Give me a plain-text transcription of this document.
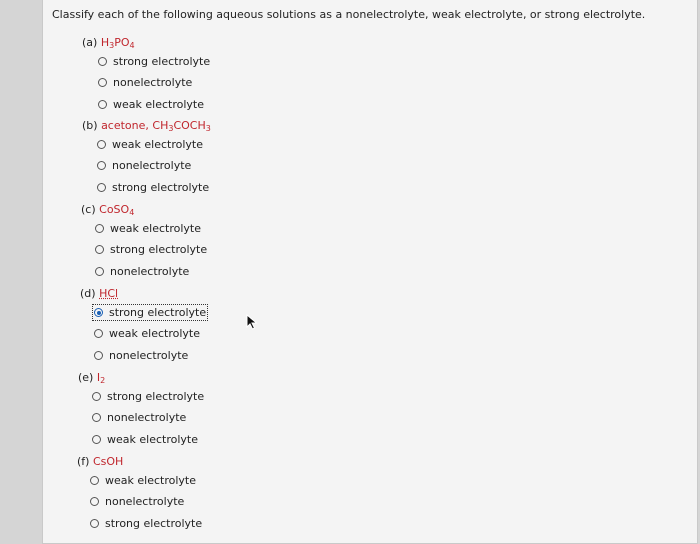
Classify each of the following aqueous solutions as a nonelectrolyte, weak electrolyte, or strong electrolyte.
(a) $H_3PO_4$
strong electrolyte
nonelectrolyte
weak electrolyte
(b) acetone, $CH_3COCH_3$
weak electrolyte
nonelectrolyte
strong electrolyte
(c) CoSO$_4$
weak electrolyte
strong electrolyte
nonelectrolyte
(d) HCl
strong electrolyte
weak electrolyte
nonelectrolyte
(e) $I_2$
strong electrolyte
nonelectrolyte
weak electrolyte
(f) CsOH
weak electrolyte
nonelectrolyte
strong electrolyte
